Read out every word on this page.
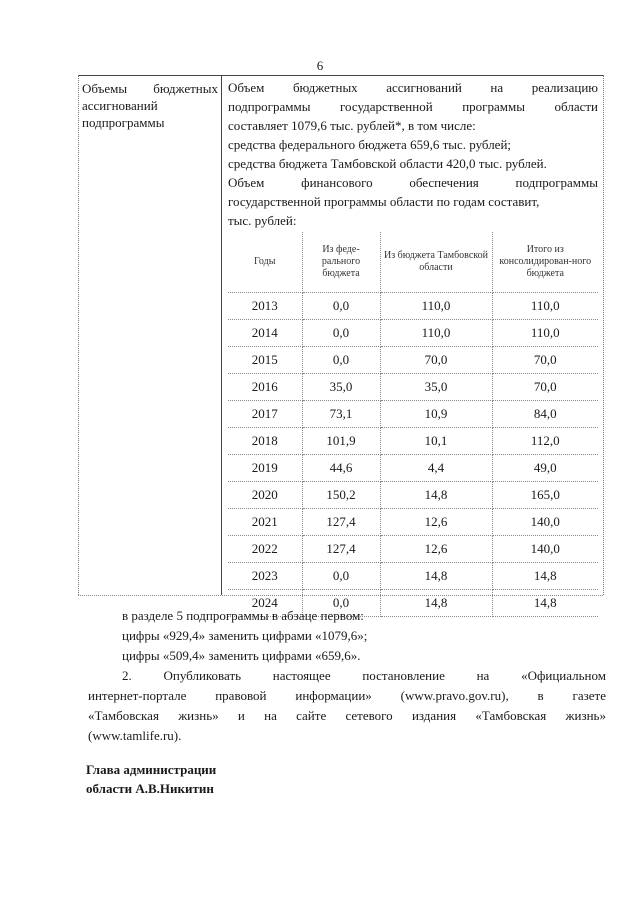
6
Объемы бюджетных
ассигнований
подпрограммы
Объем бюджетных ассигнований на реализацию
подпрограммы государственной программы области
составляет 1079,6 тыс. рублей*, в том числе:
средства федерального бюджета 659,6 тыс. рублей;
средства бюджета Тамбовской области 420,0 тыс. рублей.
Объем финансового обеспечения подпрограммы
государственной программы области по годам составит,
тыс. рублей:
Годы	Из феде-рального бюджета	Из бюджета Тамбовской области	Итого из консолидирован-ного бюджета
2013	0,0	110,0	110,0
2014	0,0	110,0	110,0
2015	0,0	70,0	70,0
2016	35,0	35,0	70,0
2017	73,1	10,9	84,0
2018	101,9	10,1	112,0
2019	44,6	4,4	49,0
2020	150,2	14,8	165,0
2021	127,4	12,6	140,0
2022	127,4	12,6	140,0
2023	0,0	14,8	14,8
2024	0,0	14,8	14,8
в разделе 5 подпрограммы в абзаце первом:
цифры «929,4» заменить цифрами «1079,6»;
цифры «509,4» заменить цифрами «659,6».
2. Опубликовать настоящее постановление на «Официальном
интернет-портале правовой информации» (www.pravo.gov.ru), в газете
«Тамбовская жизнь» и на сайте сетевого издания «Тамбовская жизнь»
(www.tamlife.ru).
Глава администрации
области А.В.Никитин
